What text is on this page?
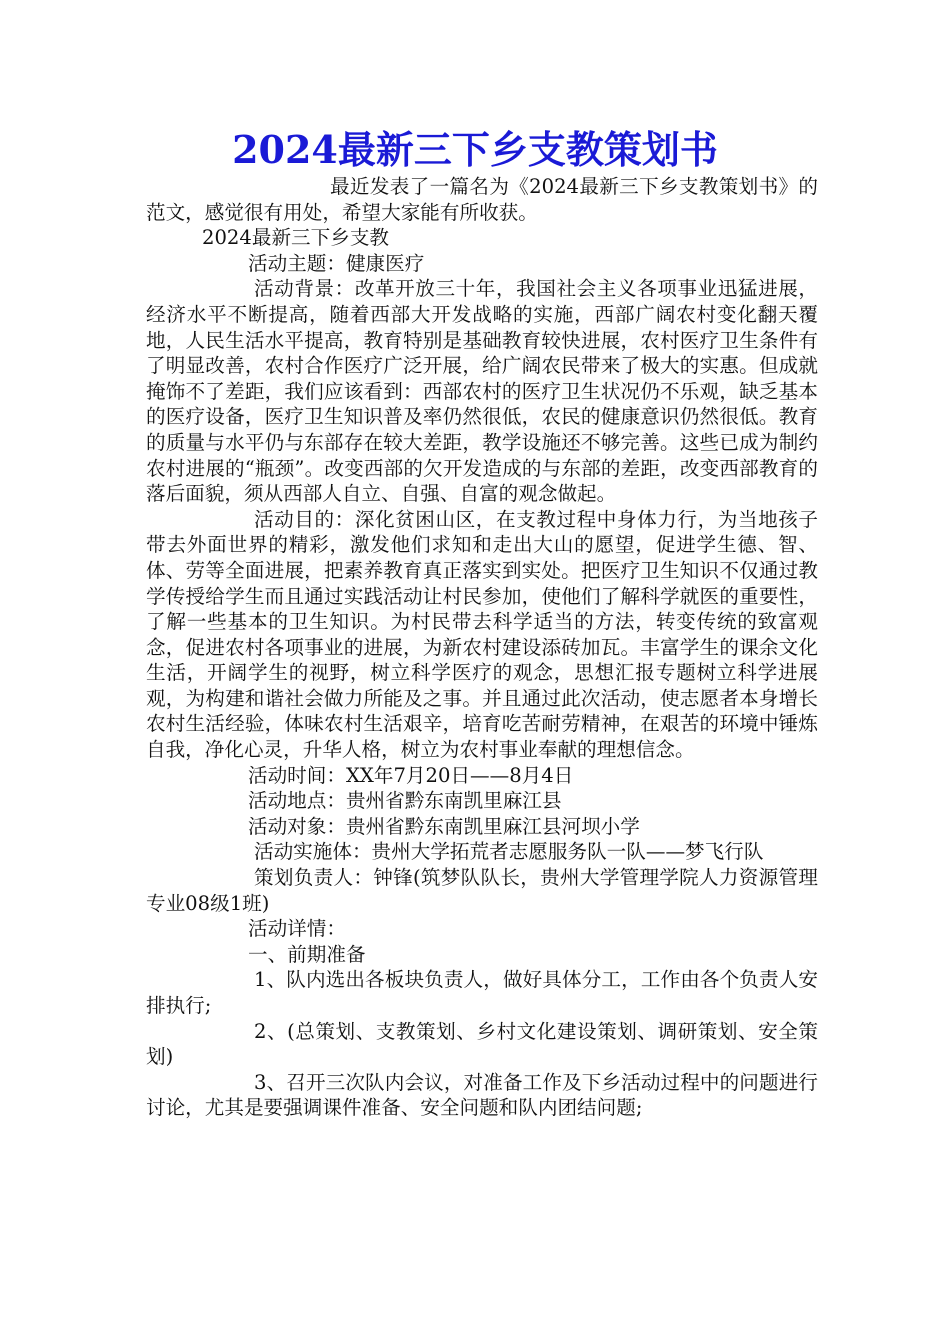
2024最新三下乡支教策划书

最近发表了一篇名为《2024最新三下乡支教策划书》的范文，感觉很有用处，希望大家能有所收获。

2024最新三下乡支教

活动主题：健康医疗

活动背景：改革开放三十年，我国社会主义各项事业迅猛进展，经济水平不断提高，随着西部大开发战略的实施，西部广阔农村变化翻天覆地，人民生活水平提高，教育特别是基础教育较快进展，农村医疗卫生条件有了明显改善，农村合作医疗广泛开展，给广阔农民带来了极大的实惠。但成就掩饰不了差距，我们应该看到：西部农村的医疗卫生状况仍不乐观，缺乏基本的医疗设备，医疗卫生知识普及率仍然很低，农民的健康意识仍然很低。教育的质量与水平仍与东部存在较大差距，教学设施还不够完善。这些已成为制约农村进展的“瓶颈”。改变西部的欠开发造成的与东部的差距，改变西部教育的落后面貌，须从西部人自立、自强、自富的观念做起。

活动目的：深化贫困山区，在支教过程中身体力行，为当地孩子带去外面世界的精彩，激发他们求知和走出大山的愿望，促进学生德、智、体、劳等全面进展，把素养教育真正落实到实处。把医疗卫生知识不仅通过教学传授给学生而且通过实践活动让村民参加，使他们了解科学就医的重要性，了解一些基本的卫生知识。为村民带去科学适当的方法，转变传统的致富观念，促进农村各项事业的进展，为新农村建设添砖加瓦。丰富学生的课余文化生活，开阔学生的视野，树立科学医疗的观念，思想汇报专题树立科学进展观，为构建和谐社会做力所能及之事。并且通过此次活动，使志愿者本身增长农村生活经验，体味农村生活艰辛，培育吃苦耐劳精神，在艰苦的环境中锤炼自我，净化心灵，升华人格，树立为农村事业奉献的理想信念。

活动时间：XX年7月20日——8月4日

活动地点：贵州省黔东南凯里麻江县

活动对象：贵州省黔东南凯里麻江县河坝小学

活动实施体：贵州大学拓荒者志愿服务队一队——梦飞行队

策划负责人：钟锋(筑梦队队长，贵州大学管理学院人力资源管理专业08级1班)

活动详情：

一、前期准备

1、队内选出各板块负责人，做好具体分工，工作由各个负责人安排执行;

2、(总策划、支教策划、乡村文化建设策划、调研策划、安全策划)

3、召开三次队内会议，对准备工作及下乡活动过程中的问题进行讨论，尤其是要强调课件准备、安全问题和队内团结问题;
